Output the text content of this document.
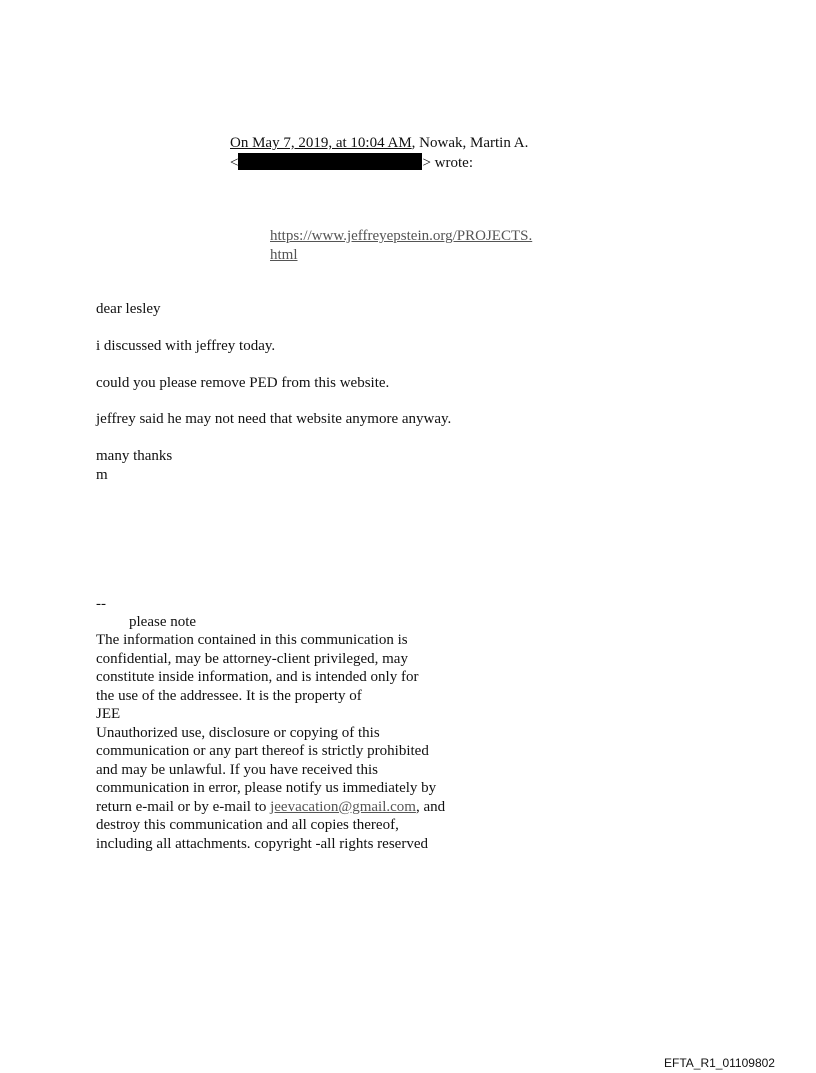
On May 7, 2019, at 10:04 AM, Nowak, Martin A.
<	> wrote:
https://www.jeffreyepstein.org/PROJECTS.
html
dear lesley
i discussed with jeffrey today.
could you please remove PED from this website.
jeffrey said he may not need that website anymore anyway.
many thanks
m
--
please note
The information contained in this communication is
confidential, may be attorney-client privileged, may
constitute inside information, and is intended only for
the use of the addressee. It is the property of
JEE
Unauthorized use, disclosure or copying of this
communication or any part thereof is strictly prohibited
and may be unlawful. If you have received this
communication in error, please notify us immediately by
return e-mail or by e-mail to jeevacation@gmail.com, and
destroy this communication and all copies thereof,
including all attachments. copyright -all rights reserved
EFTA_R1_01109802
